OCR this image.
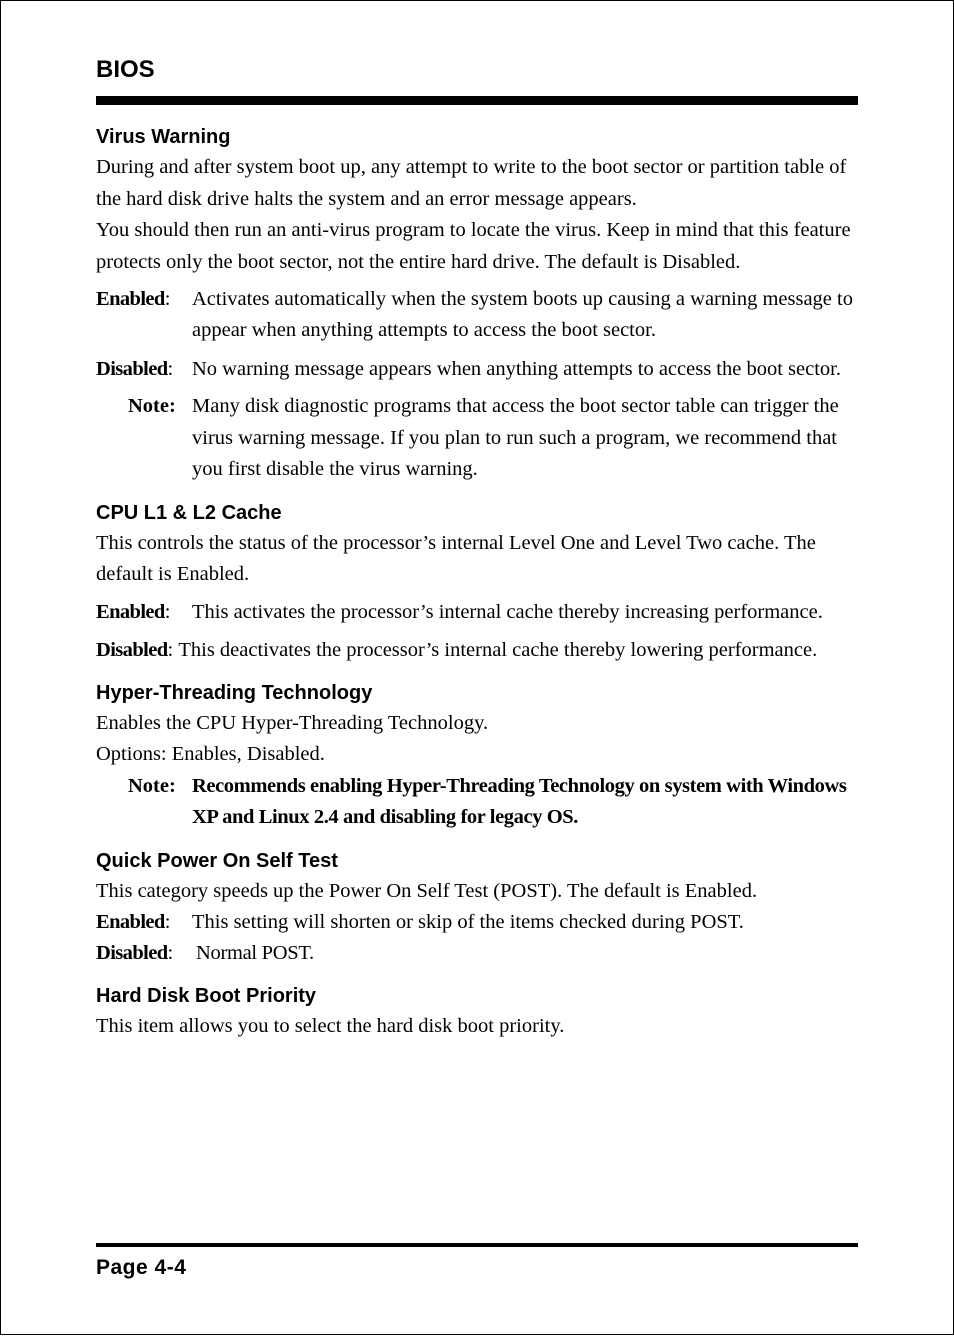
BIOS
Virus Warning

During and after system boot up, any attempt to write to the boot sector or partition table of the hard disk drive halts the system and an error message appears.

You should then run an anti-virus program to locate the virus. Keep in mind that this feature protects only the boot sector, not the entire hard drive. The default is Disabled.

Enabled:	Activates automatically when the system boots up causing a warning message to appear when anything attempts to access the boot sector.
Disabled: No warning message appears when anything attempts to access the boot sector.
Note: Many disk diagnostic programs that access the boot sector table can trigger the virus warning message. If you plan to run such a program, we recommend that you first disable the virus warning.
CPU L1 & L2 Cache

This controls the status of the processor’s internal Level One and Level Two cache. The default is Enabled.

Enabled:	This activates the processor’s internal cache thereby increasing performance.
Disabled: This deactivates the processor’s internal cache thereby lowering performance.
Hyper-Threading Technology

Enables the CPU Hyper-Threading Technology.

Options: Enables, Disabled.

Note: Recommends enabling Hyper-Threading Technology on system with Windows XP and Linux 2.4 and disabling for legacy OS.
Quick Power On Self Test

This category speeds up the Power On Self Test (POST). The default is Enabled.

Enabled:	This setting will shorten or skip of the items checked during POST.
Disabled:	Normal POST.
Hard Disk Boot Priority

This item allows you to select the hard disk boot priority.

Page 4-4
